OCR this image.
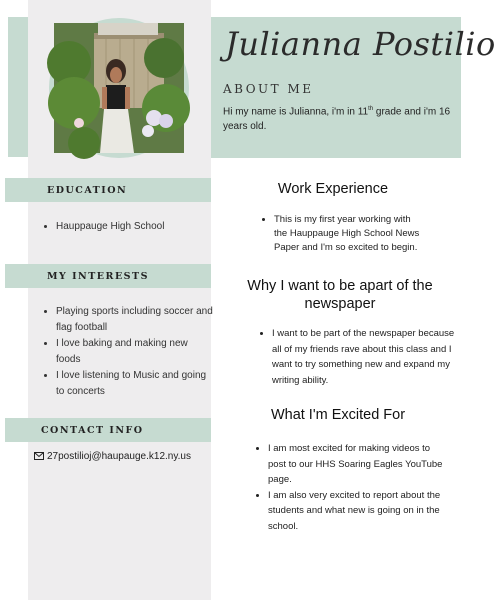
Julianna Postilio
ABOUT ME
Hi my name is Julianna, i'm in 11th grade and i'm 16 years old.
EDUCATION
• Hauppauge High School
MY INTERESTS
• Playing sports including soccer and flag football
• I love baking and making new foods
• I love listening to Music and going to concerts
CONTACT INFO
27postilioj@haupauge.k12.ny.us
Work Experience
• This is my first year working with the Hauppauge High School News Paper and I'm so excited to begin.
Why I want to be apart of the newspaper
• I want to be part of the newspaper because all of my friends rave about this class and I want to try something new and expand my writing ability.
What I'm Excited For
• I am most excited for making videos to post to our HHS Soaring Eagles YouTube page.
• I am also very excited to report about the students and what new is going on in the school.
